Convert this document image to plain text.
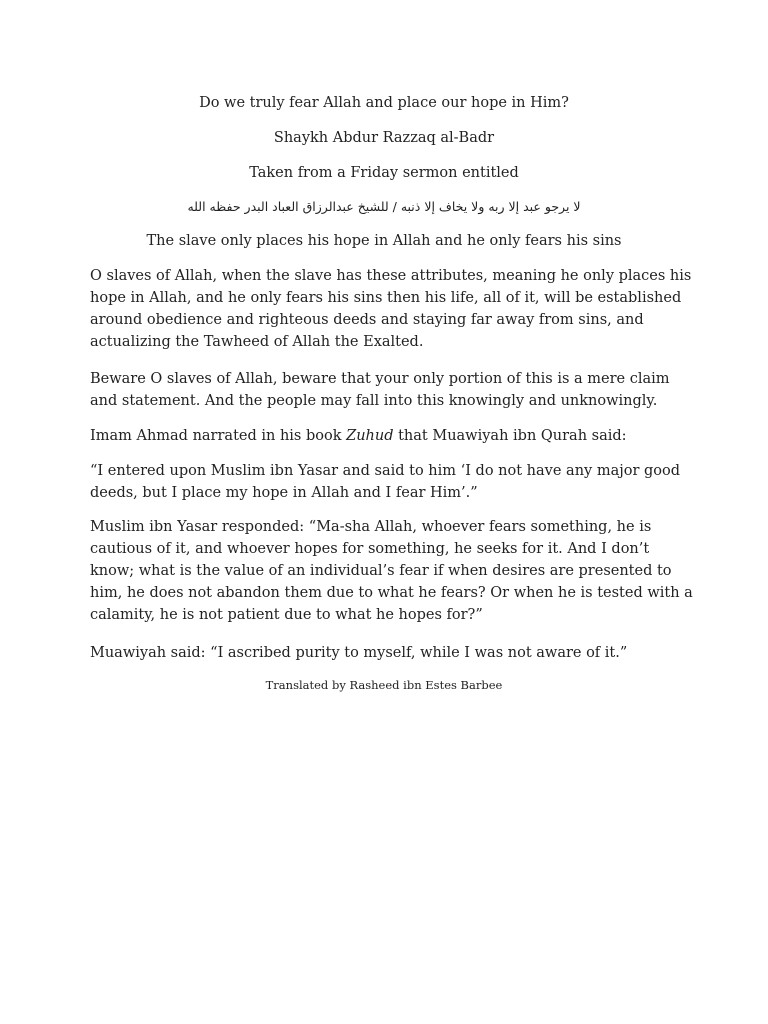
Do we truly fear Allah and place our hope in Him?

Shaykh Abdur Razzaq al-Badr

Taken from a Friday sermon entitled

لا يرجو عبد إلا ربه ولا يخاف إلا ذنبه / للشيخ عبدالرزاق العباد البدر حفظه الله

The slave only places his hope in Allah and he only fears his sins

O slaves of Allah, when the slave has these attributes, meaning he only places his hope in Allah, and he only fears his sins then his life, all of it, will be established around obedience and righteous deeds and staying far away from sins, and actualizing the Tawheed of Allah the Exalted.

Beware O slaves of Allah, beware that your only portion of this is a mere claim and statement. And the people may fall into this knowingly and unknowingly.

Imam Ahmad narrated in his book Zuhud that Muawiyah ibn Qurah said:

“I entered upon Muslim ibn Yasar and said to him ‘I do not have any major good deeds, but I place my hope in Allah and I fear Him’.”

Muslim ibn Yasar responded: “Ma-sha Allah, whoever fears something, he is cautious of it, and whoever hopes for something, he seeks for it. And I don’t know; what is the value of an individual’s fear if when desires are presented to him, he does not abandon them due to what he fears? Or when he is tested with a calamity, he is not patient due to what he hopes for?”

Muawiyah said: “I ascribed purity to myself, while I was not aware of it.”

Translated by Rasheed ibn Estes Barbee
